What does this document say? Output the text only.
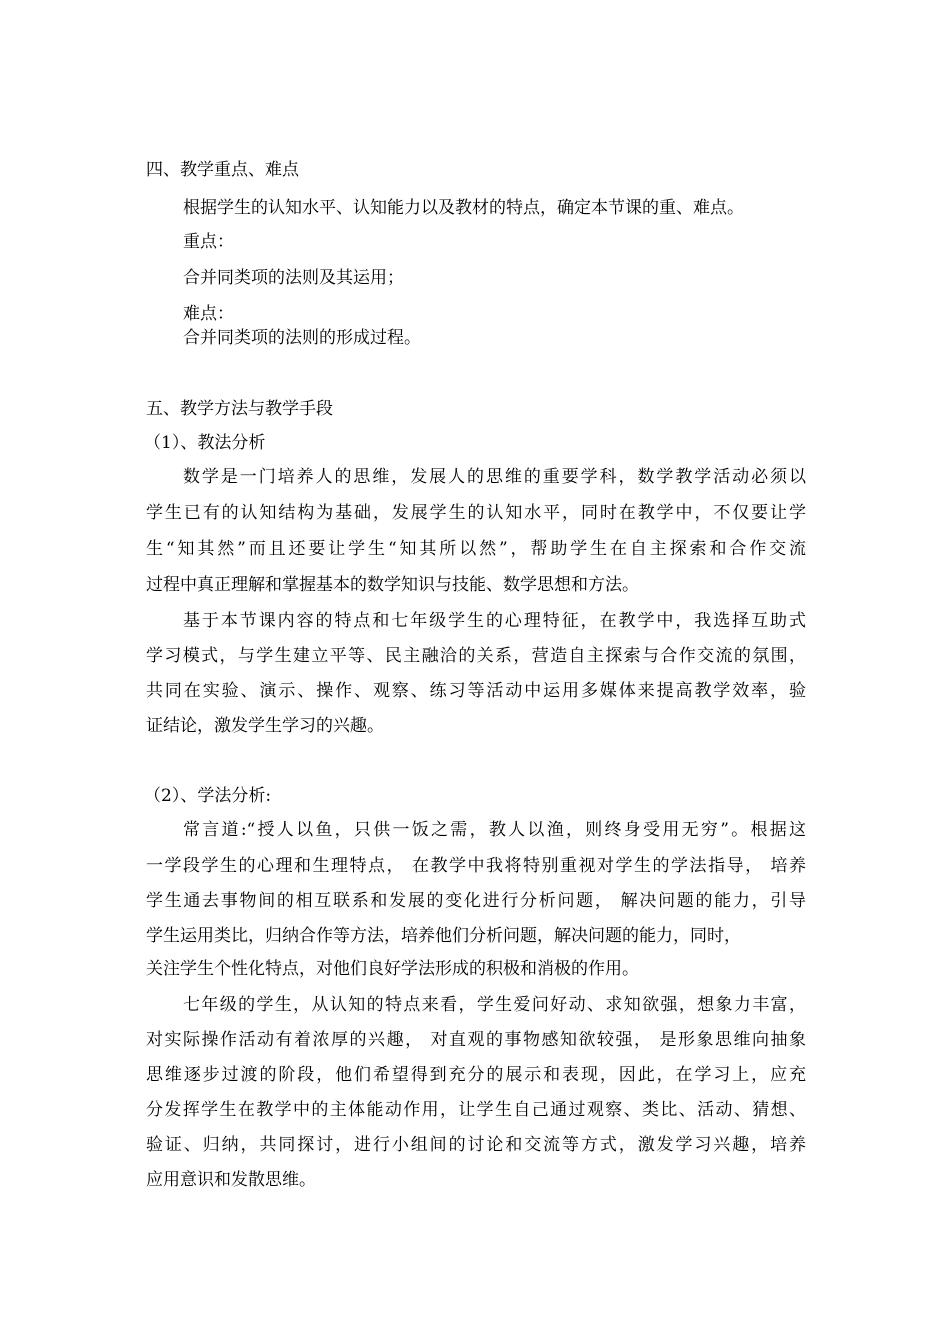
四、教学重点、难点
根据学生的认知水平、认知能力以及教材的特点，确定本节课的重、难点。
重点：
合并同类项的法则及其运用；
难点：
合并同类项的法则的形成过程。
五、教学方法与教学手段
（1）、教法分析
数学是一门培养人的思维，发展人的思维的重要学科，数学教学活动必须以
学生已有的认知结构为基础，发展学生的认知水平，同时在教学中，不仅要让学
生“知其然”而且还要让学生“知其所以然”，帮助学生在自主探索和合作交流
过程中真正理解和掌握基本的数学知识与技能、数学思想和方法。
基于本节课内容的特点和七年级学生的心理特征，在教学中，我选择互助式
学习模式，与学生建立平等、民主融洽的关系，营造自主探索与合作交流的氛围，
共同在实验、演示、操作、观察、练习等活动中运用多媒体来提高教学效率，验
证结论，激发学生学习的兴趣。
（2）、学法分析:
常言道:“授人以鱼，只供一饭之需，教人以渔，则终身受用无穷”。根据这
一学段学生的心理和生理特点， 在教学中我将特别重视对学生的学法指导， 培养
学生通去事物间的相互联系和发展的变化进行分析问题， 解决问题的能力，引导
学生运用类比，归纳合作等方法，培养他们分析问题，解决问题的能力，同时，
关注学生个性化特点，对他们良好学法形成的积极和消极的作用。
七年级的学生，从认知的特点来看，学生爱问好动、求知欲强，想象力丰富，
对实际操作活动有着浓厚的兴趣， 对直观的事物感知欲较强， 是形象思维向抽象
思维逐步过渡的阶段，他们希望得到充分的展示和表现，因此，在学习上，应充
分发挥学生在教学中的主体能动作用，让学生自己通过观察、类比、活动、猜想、
验证、归纳，共同探讨，进行小组间的讨论和交流等方式，激发学习兴趣，培养
应用意识和发散思维。
